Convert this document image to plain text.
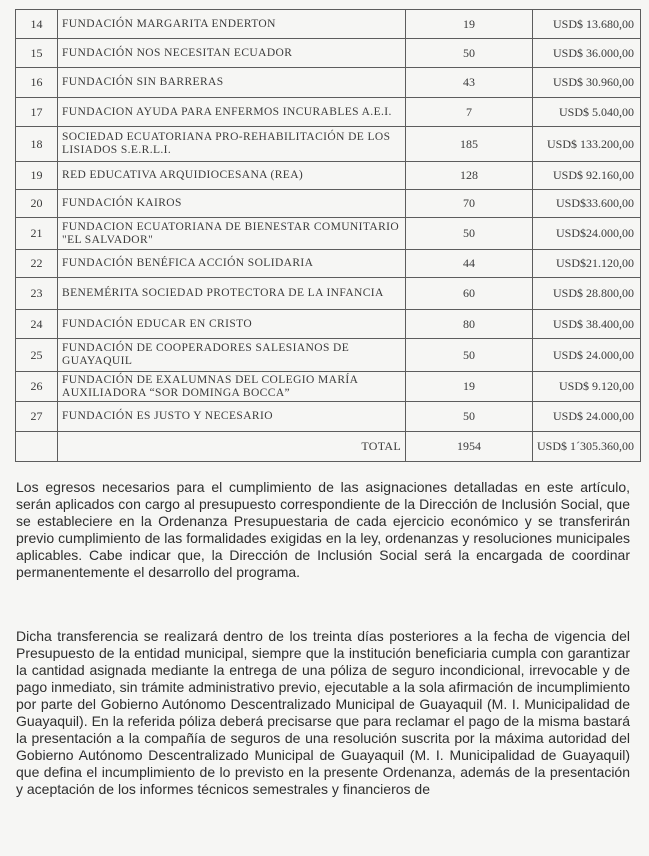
14	FUNDACIÓN MARGARITA ENDERTON	19	USD$ 13.680,00
15	FUNDACIÓN NOS NECESITAN ECUADOR	50	USD$ 36.000,00
16	FUNDACIÓN SIN BARRERAS	43	USD$ 30.960,00
17	FUNDACION AYUDA PARA ENFERMOS INCURABLES A.E.I.	7	USD$ 5.040,00
18	SOCIEDAD ECUATORIANA PRO-REHABILITACIÓN DE LOS LISIADOS S.E.R.L.I.	185	USD$ 133.200,00
19	RED EDUCATIVA ARQUIDIOCESANA (REA)	128	USD$ 92.160,00
20	FUNDACIÓN KAIROS	70	USD$33.600,00
21	FUNDACION ECUATORIANA DE BIENESTAR COMUNITARIO "EL SALVADOR"	50	USD$24.000,00
22	FUNDACIÓN BENÉFICA ACCIÓN SOLIDARIA	44	USD$21.120,00
23	BENEMÉRITA SOCIEDAD PROTECTORA DE LA INFANCIA	60	USD$ 28.800,00
24	FUNDACIÓN EDUCAR EN CRISTO	80	USD$ 38.400,00
25	FUNDACIÓN DE COOPERADORES SALESIANOS DE GUAYAQUIL	50	USD$ 24.000,00
26	FUNDACIÓN DE EXALUMNAS DEL COLEGIO MARÍA AUXILIADORA “SOR DOMINGA BOCCA”	19	USD$ 9.120,00
27	FUNDACIÓN ES JUSTO Y NECESARIO	50	USD$ 24.000,00
	TOTAL	1954	USD$ 1´305.360,00

Los egresos necesarios para el cumplimiento de las asignaciones detalladas en este artículo, serán aplicados con cargo al presupuesto correspondiente de la Dirección de Inclusión Social, que se estableciere en la Ordenanza Presupuestaria de cada ejercicio económico y se transferirán previo cumplimiento de las formalidades exigidas en la ley, ordenanzas y resoluciones municipales aplicables. Cabe indicar que, la Dirección de Inclusión Social será la encargada de coordinar permanentemente el desarrollo del programa.

Dicha transferencia se realizará dentro de los treinta días posteriores a la fecha de vigencia del Presupuesto de la entidad municipal, siempre que la institución beneficiaria cumpla con garantizar la cantidad asignada mediante la entrega de una póliza de seguro incondicional, irrevocable y de pago inmediato, sin trámite administrativo previo, ejecutable a la sola afirmación de incumplimiento por parte del Gobierno Autónomo Descentralizado Municipal de Guayaquil (M. I. Municipalidad de Guayaquil). En la referida póliza deberá precisarse que para reclamar el pago de la misma bastará la presentación a la compañía de seguros de una resolución suscrita por la máxima autoridad del Gobierno Autónomo Descentralizado Municipal de Guayaquil (M. I. Municipalidad de Guayaquil) que defina el incumplimiento de lo previsto en la presente Ordenanza, además de la presentación y aceptación de los informes técnicos semestrales y financieros de
